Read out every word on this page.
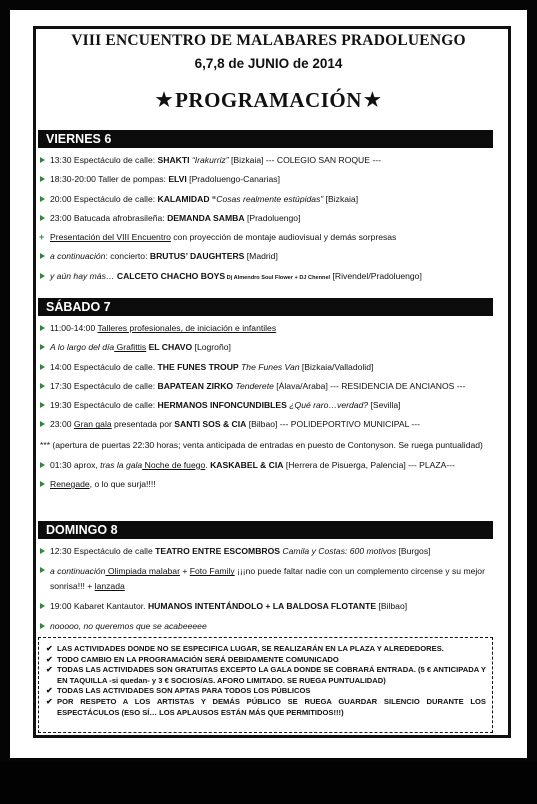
VIII ENCUENTRO DE MALABARES PRADOLUENGO
6,7,8 de JUNIO de 2014
★PROGRAMACIÓN ★
VIERNES 6
13:30 Espectáculo de calle: SHAKTI “Irakurriz” [Bizkaia] --- COLEGIO SAN ROQUE ---
18:30-20:00 Taller de pompas: ELVI [Pradoluengo-Canarias]
20:00 Espectáculo de calle: KALAMIDAD “Cosas realmente estúpidas” [Bizkaia]
23:00 Batucada afrobrasileña: DEMANDA SAMBA [Pradoluengo]
+ Presentación del VIII Encuentro con proyección de montaje audiovisual y demás sorpresas
a continuación: concierto: BRUTUS’ DAUGHTERS [Madrid]
y aún hay más… CALCETO CHACHO BOYS Dj Almendro Soul Flower + DJ Chennel [Rivendel/Pradoluengo]
SÁBADO 7
11:00-14:00 Talleres profesionales, de iniciación e infantiles
A lo largo del día Grafittis EL CHAVO [Logroño]
14:00 Espectáculo de calle. THE FUNES TROUP The Funes Van [Bizkaia/Valladolid]
17:30 Espectáculo de calle: BAPATEAN ZIRKO Tenderete [Álava/Araba] --- RESIDENCIA DE ANCIANOS ---
19:30 Espectáculo de calle: HERMANOS INFONCUNDIBLES ¿Qué raro…verdad? [Sevilla]
23:00 Gran gala presentada por SANTI SOS & CIA [Bilbao] --- POLIDEPORTIVO MUNICIPAL ---
*** (apertura de puertas 22:30 horas; venta anticipada de entradas en puesto de Contonyson. Se ruega puntualidad)
01:30 aprox, tras la gala Noche de fuego. KASKABEL & CIA [Herrera de Pisuerga, Palencia] --- PLAZA---
Renegade, o lo que surja!!!!
DOMINGO 8
12:30 Espectáculo de calle TEATRO ENTRE ESCOMBROS Camila y Costas: 600 motivos [Burgos]
a continuación Olimpiada malabar + Foto Family ¡¡¡no puede faltar nadie con un complemento circense y su mejor sonrisa!!! + lanzada
19:00 Kabaret Kantautor. HUMANOS INTENTÁNDOLO + LA BALDOSA FLOTANTE [Bilbao]
nooooo, no queremos que se acabeeeee
✔ LAS ACTIVIDADES DONDE NO SE ESPECIFICA LUGAR, SE REALIZARÁN EN LA PLAZA Y ALREDEDORES.
✔ TODO CAMBIO EN LA PROGRAMACIÓN SERÁ DEBIDAMENTE COMUNICADO
✔ TODAS LAS ACTIVIDADES SON GRATUITAS EXCEPTO LA GALA DONDE SE COBRARÁ ENTRADA. (5 € ANTICIPADA Y EN TAQUILLA -si quedan- y 3 € SOCIOS/AS. AFORO LIMITADO. SE RUEGA PUNTUALIDAD)
✔ TODAS LAS ACTIVIDADES SON APTAS PARA TODOS LOS PÚBLICOS
✔ POR RESPETO A LOS ARTISTAS Y DEMÁS PÚBLICO SE RUEGA GUARDAR SILENCIO DURANTE LOS ESPECTÁCULOS (ESO SÍ… LOS APLAUSOS ESTÁN MÁS QUE PERMITIDOS!!!)
